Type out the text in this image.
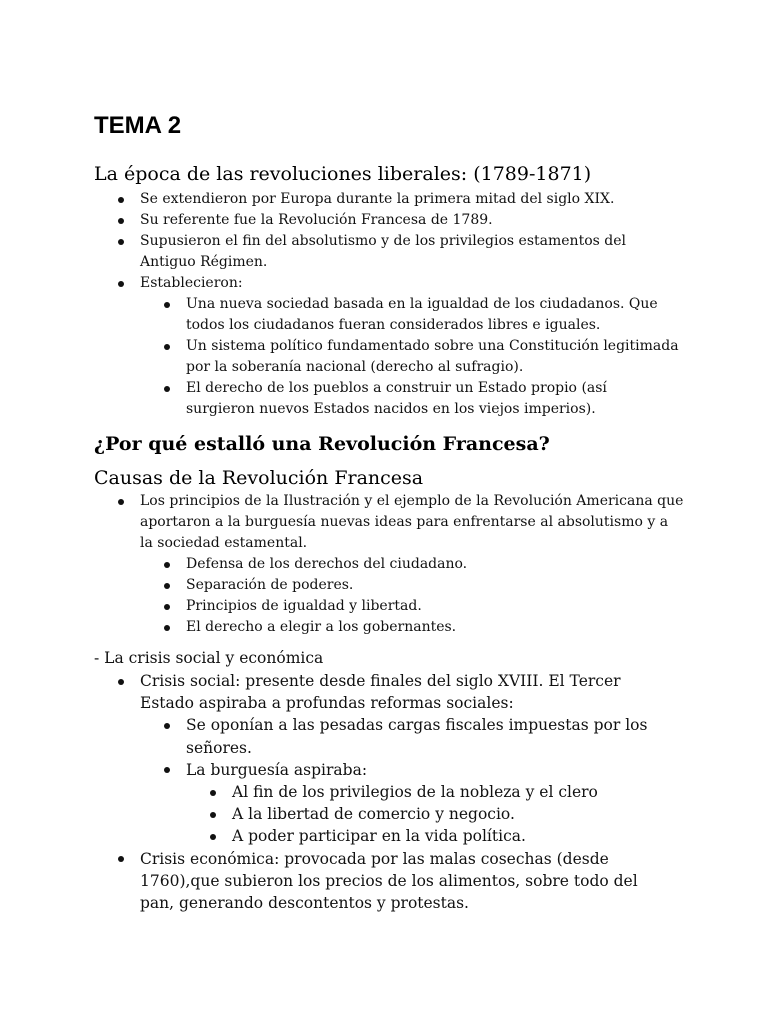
TEMA 2
La época de las revoluciones liberales: (1789-1871)
Se extendieron por Europa durante la primera mitad del siglo XIX.
Su referente fue la Revolución Francesa de 1789.
Supusieron el fin del absolutismo y de los privilegios estamentos del Antiguo Régimen.
Establecieron:
Una nueva sociedad basada en la igualdad de los ciudadanos. Que todos los ciudadanos fueran considerados libres e iguales.
Un sistema político fundamentado sobre una Constitución legitimada por la soberanía nacional (derecho al sufragio).
El derecho de los pueblos a construir un Estado propio (así surgieron nuevos Estados nacidos en los viejos imperios).
¿Por qué estalló una Revolución Francesa?
Causas de la Revolución Francesa
Los principios de la Ilustración y el ejemplo de la Revolución Americana que aportaron a la burguesía nuevas ideas para enfrentarse al absolutismo y a la sociedad estamental.
Defensa de los derechos del ciudadano.
Separación de poderes.
Principios de igualdad y libertad.
El derecho a elegir a los gobernantes.

- La crisis social y económica

Crisis social: presente desde finales del siglo XVIII. El Tercer Estado aspiraba a profundas reformas sociales:
Se oponían a las pesadas cargas fiscales impuestas por los señores.
La burguesía aspiraba:
Al fin de los privilegios de la nobleza y el clero
A la libertad de comercio y negocio.
A poder participar en la vida política.
Crisis económica: provocada por las malas cosechas (desde 1760),que subieron los precios de los alimentos, sobre todo del pan, generando descontentos y protestas.
